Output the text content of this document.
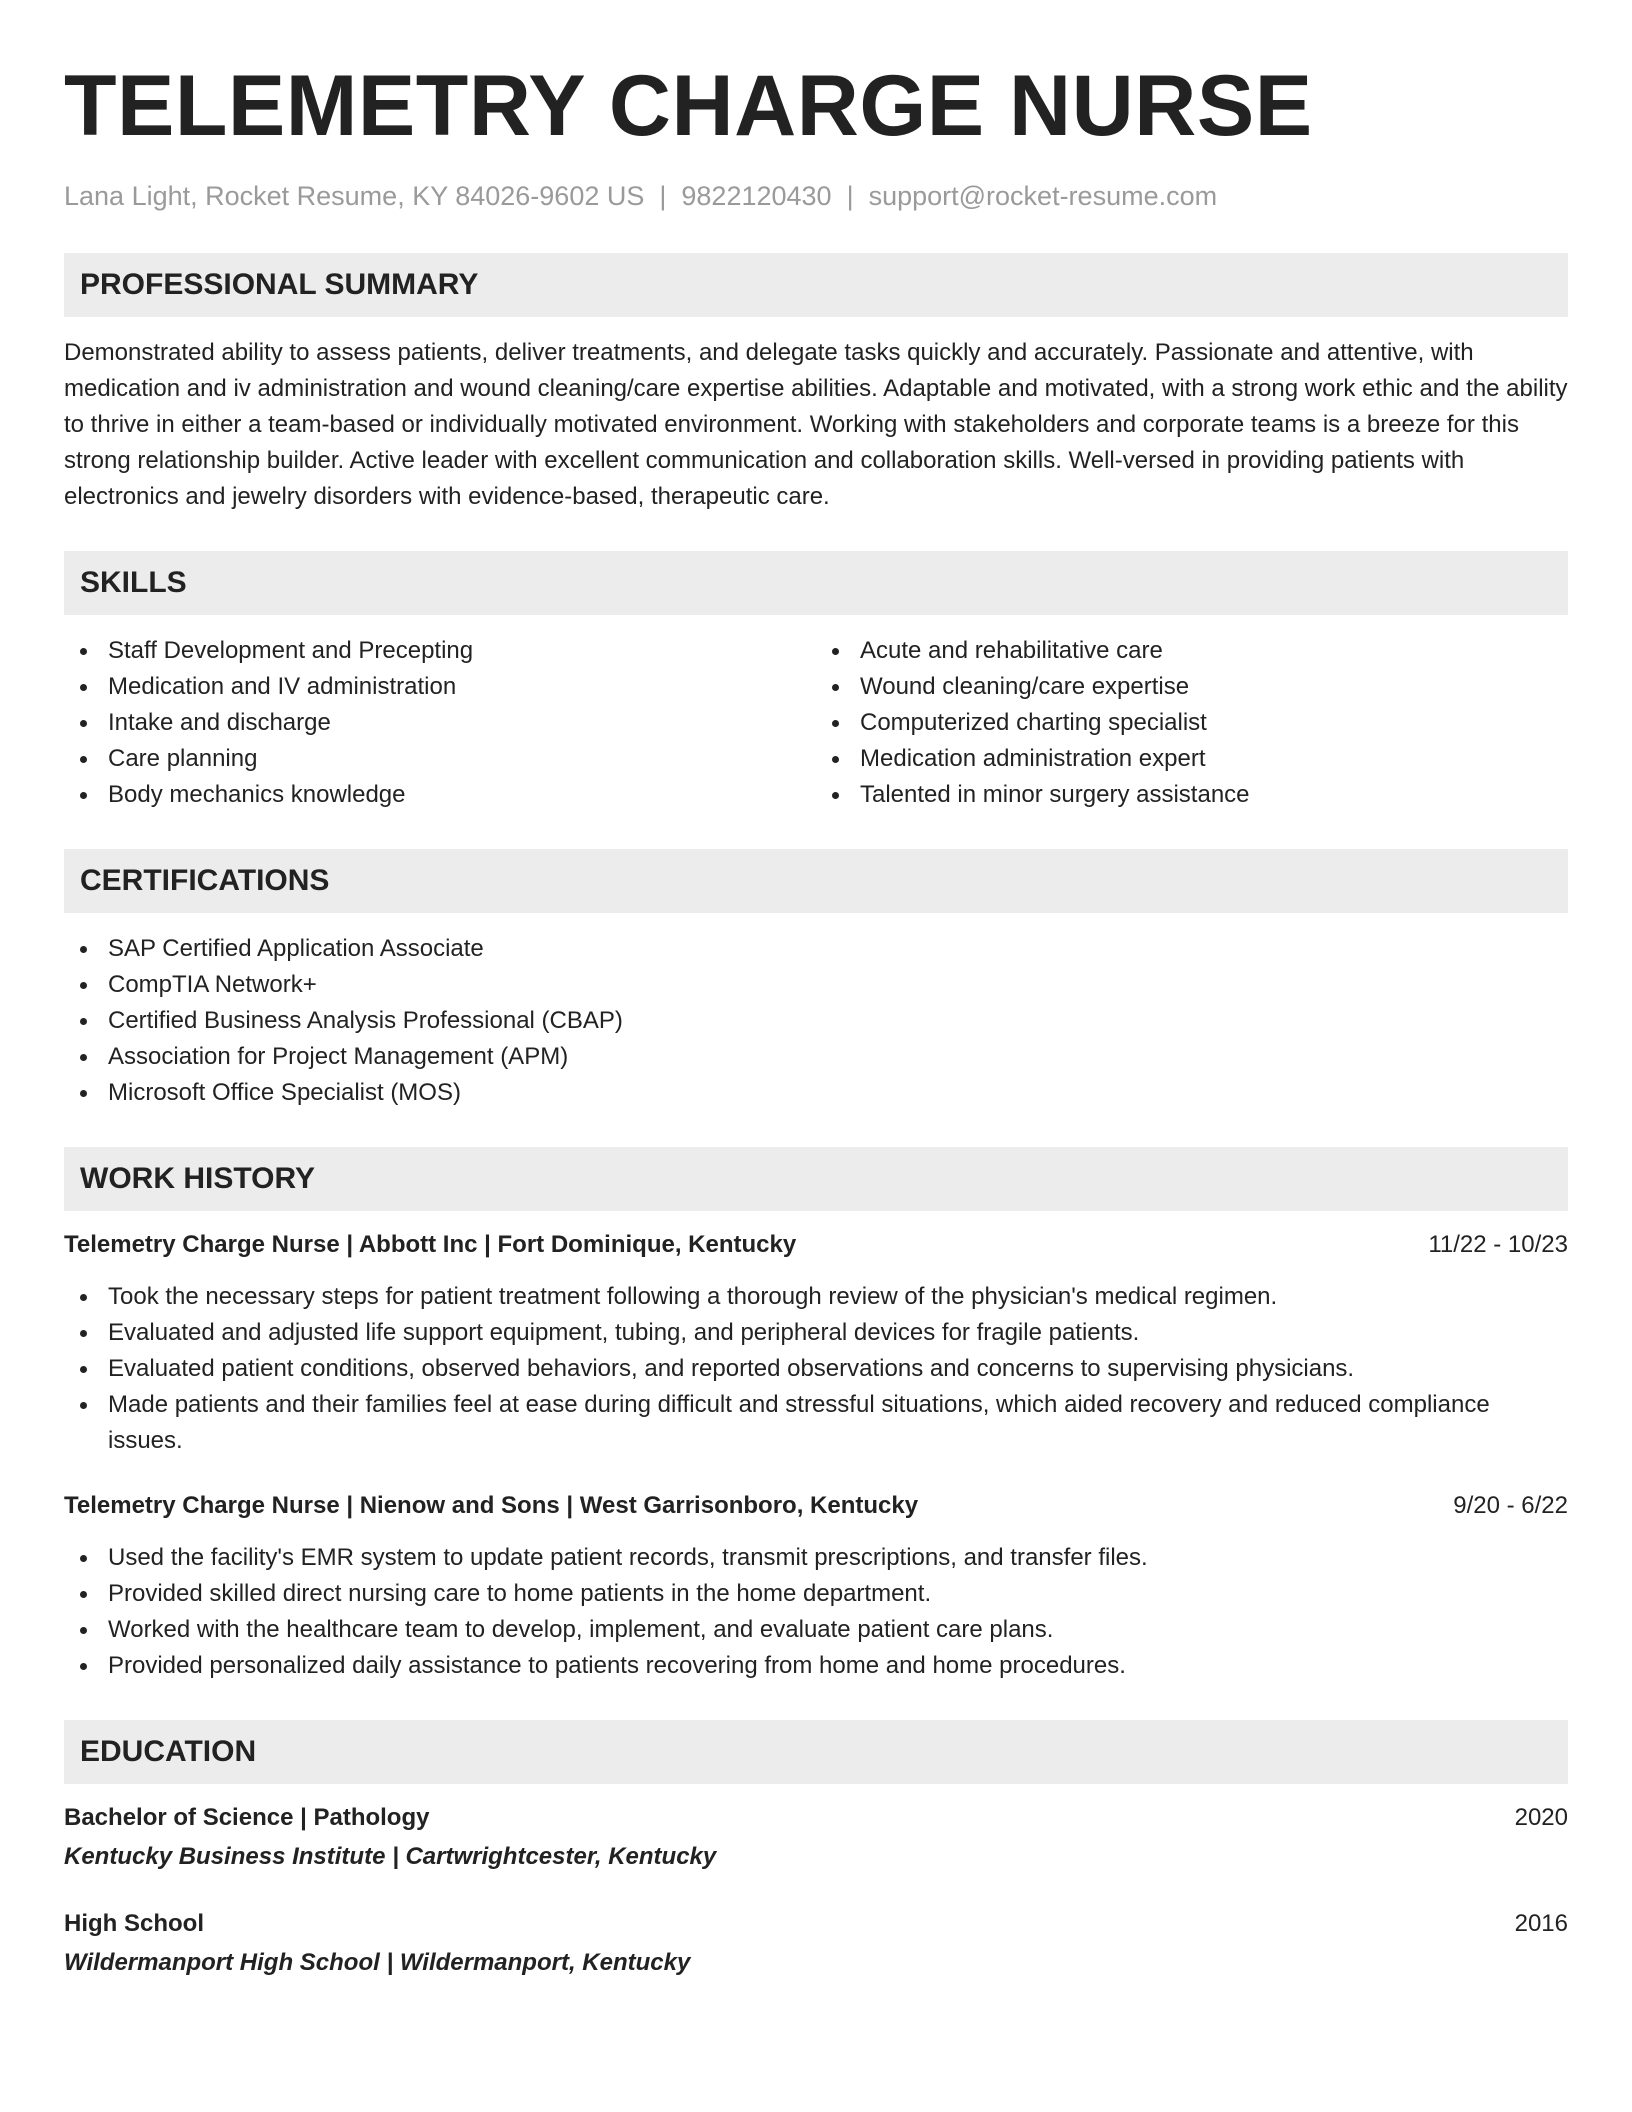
TELEMETRY CHARGE NURSE
Lana Light, Rocket Resume, KY 84026-9602 US | 9822120430 | support@rocket-resume.com
PROFESSIONAL SUMMARY

Demonstrated ability to assess patients, deliver treatments, and delegate tasks quickly and accurately. Passionate and attentive, with medication and iv administration and wound cleaning/care expertise abilities. Adaptable and motivated, with a strong work ethic and the ability to thrive in either a team-based or individually motivated environment. Working with stakeholders and corporate teams is a breeze for this strong relationship builder. Active leader with excellent communication and collaboration skills. Well-versed in providing patients with electronics and jewelry disorders with evidence-based, therapeutic care.

SKILLS
Staff Development and Precepting
Medication and IV administration
Intake and discharge
Care planning
Body mechanics knowledge
Acute and rehabilitative care
Wound cleaning/care expertise
Computerized charting specialist
Medication administration expert
Talented in minor surgery assistance
CERTIFICATIONS
SAP Certified Application Associate
CompTIA Network+
Certified Business Analysis Professional (CBAP)
Association for Project Management (APM)
Microsoft Office Specialist (MOS)
WORK HISTORY
Telemetry Charge Nurse | Abbott Inc | Fort Dominique, Kentucky	11/22 - 10/23
Took the necessary steps for patient treatment following a thorough review of the physician's medical regimen.
Evaluated and adjusted life support equipment, tubing, and peripheral devices for fragile patients.
Evaluated patient conditions, observed behaviors, and reported observations and concerns to supervising physicians.
Made patients and their families feel at ease during difficult and stressful situations, which aided recovery and reduced compliance issues.
Telemetry Charge Nurse | Nienow and Sons | West Garrisonboro, Kentucky	9/20 - 6/22
Used the facility's EMR system to update patient records, transmit prescriptions, and transfer files.
Provided skilled direct nursing care to home patients in the home department.
Worked with the healthcare team to develop, implement, and evaluate patient care plans.
Provided personalized daily assistance to patients recovering from home and home procedures.
EDUCATION
Bachelor of Science | Pathology	2020
Kentucky Business Institute | Cartwrightcester, Kentucky
High School	2016
Wildermanport High School | Wildermanport, Kentucky
